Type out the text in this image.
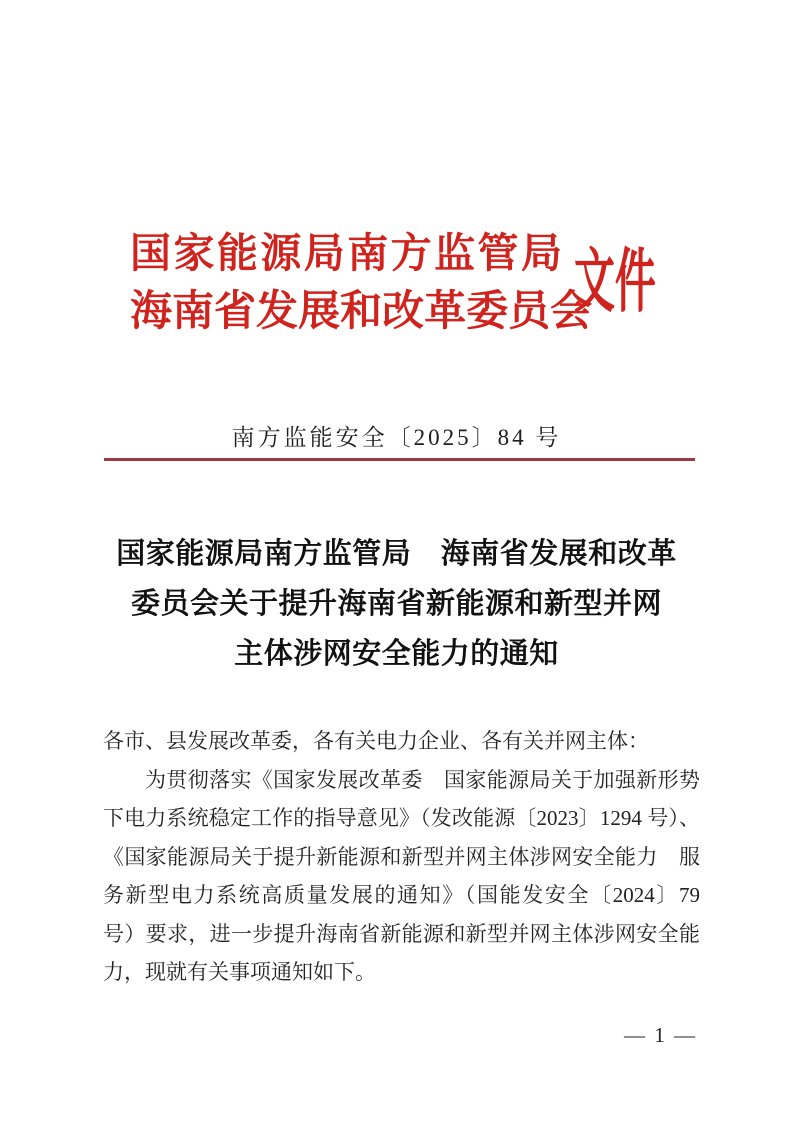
国 家 能 源 局 南 方 监 管 局
海 南 省 发 展 和 改 革 委 员 会
文件
南方监能安全〔2025〕84 号
国家能源局南方监管局　海南省发展和改革
委员会关于提升海南省新能源和新型并网
主体涉网安全能力的通知
各市、县发展改革委，各有关电力企业、各有关并网主体：
为贯彻落实《国家发展改革委　国家能源局关于加强新形势
下电力系统稳定工作的指导意见》（发改能源〔2023〕1294 号）、
《国家能源局关于提升新能源和新型并网主体涉网安全能力　服
务新型电力系统高质量发展的通知》（国能发安全〔2024〕79
号）要求，进一步提升海南省新能源和新型并网主体涉网安全能
力，现就有关事项通知如下。
— 1 —
